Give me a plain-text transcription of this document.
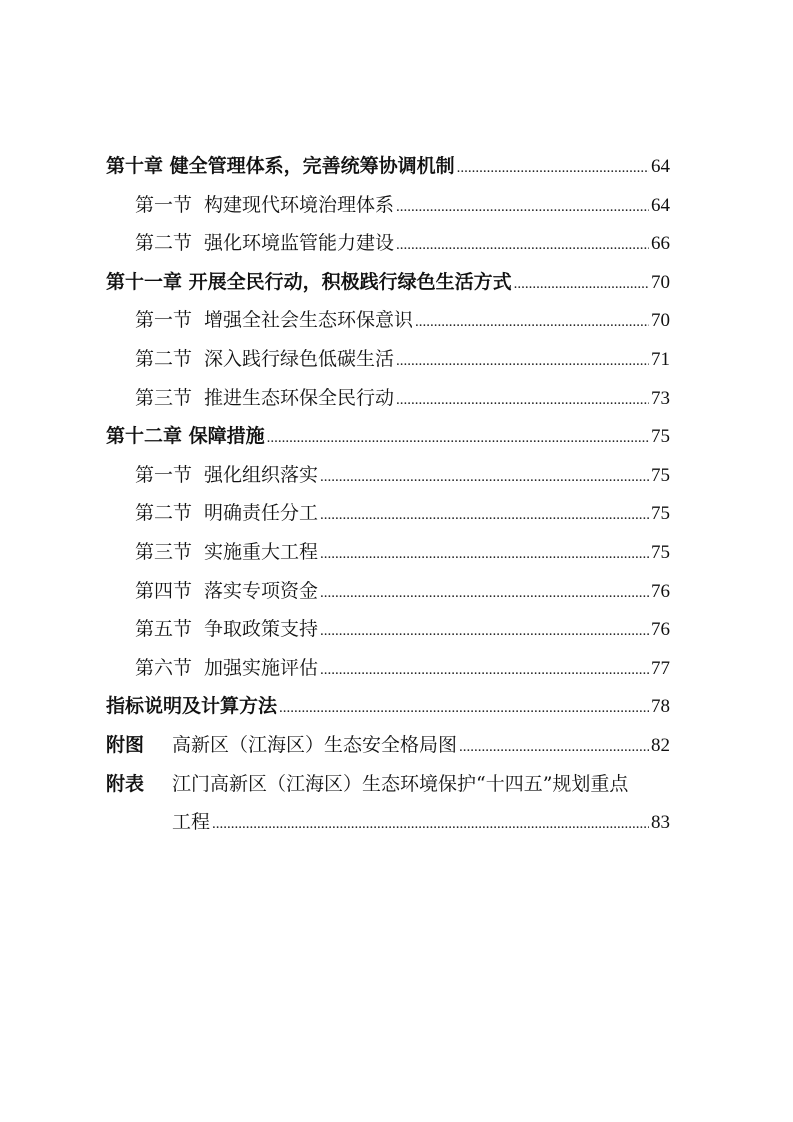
第十章 健全管理体系，完善统筹协调机制 .....	64
第一节 构建现代环境治理体系 .....	64
第二节 强化环境监管能力建设 .....	66
第十一章 开展全民行动，积极践行绿色生活方式 .....	70
第一节 增强全社会生态环保意识 .....	70
第二节 深入践行绿色低碳生活 .....	71
第三节 推进生态环保全民行动 .....	73
第十二章 保障措施 .....	75
第一节 强化组织落实 .....	75
第二节 明确责任分工 .....	75
第三节 实施重大工程 .....	75
第四节 落实专项资金 .....	76
第五节 争取政策支持 .....	76
第六节 加强实施评估 .....	77
指标说明及计算方法 .....	78
附图	高新区（江海区）生态安全格局图 .....	82
附表	江门高新区（江海区）生态环境保护“十四五”规划重点
工程 .....	83
